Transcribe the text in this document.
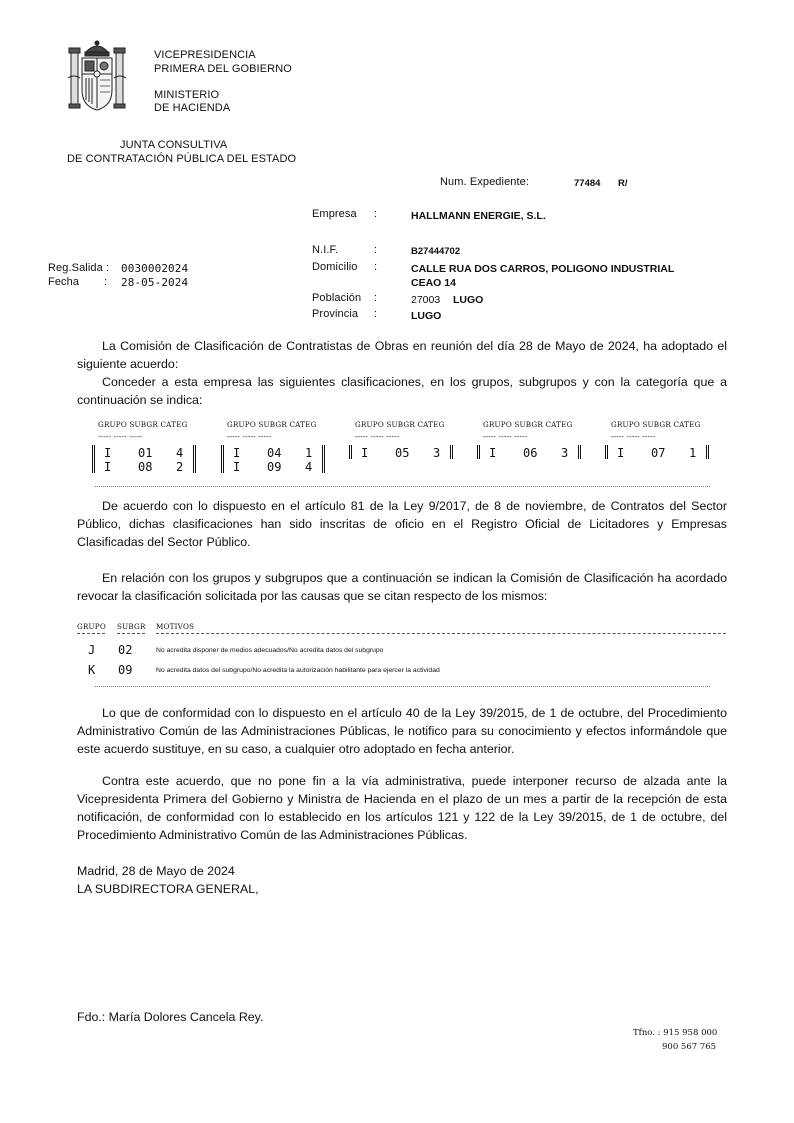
VICEPRESIDENCIA
PRIMERA DEL GOBIERNO
MINISTERIO
DE HACIENDA
JUNTA CONSULTIVA
DE CONTRATACIÓN PÚBLICA DEL ESTADO
Num. Expediente:	77484 R/
Empresa :	HALLMANN ENERGIE, S.L.
N.I.F.	:	B27444702
Domicilio :	CALLE RUA DOS CARROS, POLIGONO INDUSTRIAL
CEAO 14
Población :	27003 LUGO
Provincia :	LUGO
Reg.Salida : 0030002024
Fecha : 28-05-2024
La Comisión de Clasificación de Contratistas de Obras en reunión del día 28 de Mayo de 2024, ha adoptado el siguiente acuerdo:
Conceder a esta empresa las siguientes clasificaciones, en los grupos, subgrupos y con la categoría que a continuación se indica:
GRUPO SUBGR CATEG
----- ----- -----
I 01 4
I 08 2
GRUPO SUBGR CATEG
----- ----- -----
I 04 1
I 09 4
GRUPO SUBGR CATEG
----- ----- -----
I 05 3
GRUPO SUBGR CATEG
----- ----- -----
I 06 3
GRUPO SUBGR CATEG
----- ----- -----
I 07 1
De acuerdo con lo dispuesto en el artículo 81 de la Ley 9/2017, de 8 de noviembre, de Contratos del Sector Público, dichas clasificaciones han sido inscritas de oficio en el Registro Oficial de Licitadores y Empresas Clasificadas del Sector Público.
En relación con los grupos y subgrupos que a continuación se indican la Comisión de Clasificación ha acordado revocar la clasificación solicitada por las causas que se citan respecto de los mismos:
GRUPO SUBGR MOTIVOS
J 02	No acredita disponer de medios adecuados/No acredita datos del subgrupo
K 09	No acredita datos del subgrupo/No acredita la autorización habilitante para ejercer la actividad
Lo que de conformidad con lo dispuesto en el artículo 40 de la Ley 39/2015, de 1 de octubre, del Procedimiento Administrativo Común de las Administraciones Públicas, le notifico para su conocimiento y efectos informándole que este acuerdo sustituye, en su caso, a cualquier otro adoptado en fecha anterior.
Contra este acuerdo, que no pone fin a la vía administrativa, puede interponer recurso de alzada ante la Vicepresidenta Primera del Gobierno y Ministra de Hacienda en el plazo de un mes a partir de la recepción de esta notificación, de conformidad con lo establecido en los artículos 121 y 122 de la Ley 39/2015, de 1 de octubre, del Procedimiento Administrativo Común de las Administraciones Públicas.
Madrid, 28 de Mayo de 2024
LA SUBDIRECTORA GENERAL,
Fdo.: María Dolores Cancela Rey.
Tfno. : 915 958 000
900 567 765
